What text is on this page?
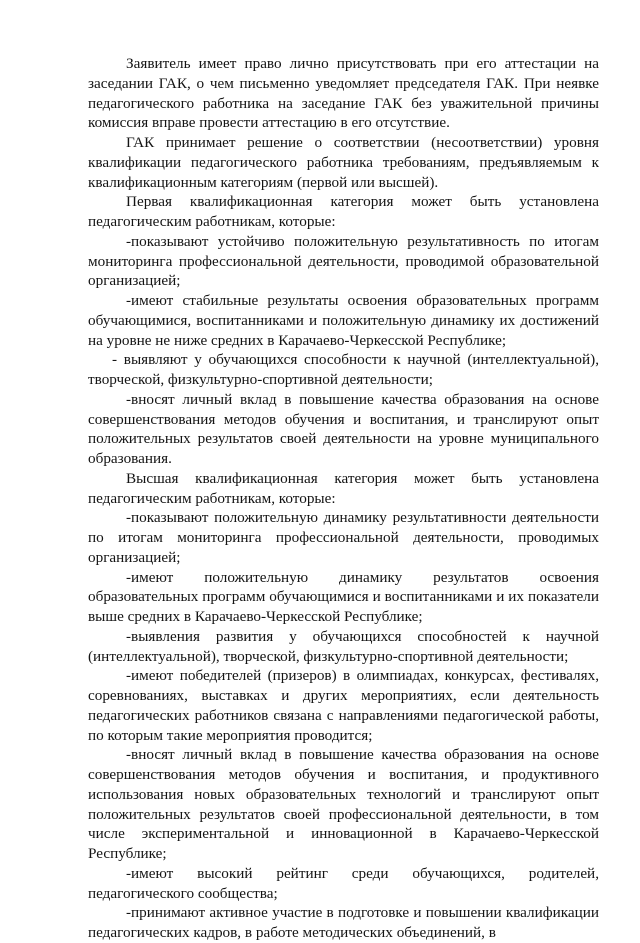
Заявитель имеет право лично присутствовать при его аттестации на заседании ГАК, о чем письменно уведомляет председателя ГАК. При неявке педагогического работника на заседание ГАК без уважительной причины комиссия вправе провести аттестацию в его отсутствие.

ГАК принимает решение о соответствии (несоответствии) уровня квалификации педагогического работника требованиям, предъявляемым к квалификационным категориям (первой или высшей).

Первая квалификационная категория может быть установлена педагогическим работникам, которые:

-показывают устойчиво положительную результативность по итогам мониторинга профессиональной деятельности, проводимой образовательной организацией;

-имеют стабильные результаты освоения образовательных программ обучающимися, воспитанниками и положительную динамику их достижений на уровне не ниже средних в Карачаево-Черкесской Республике;

- выявляют у обучающихся способности к научной (интеллектуальной), творческой, физкультурно-спортивной деятельности;

-вносят личный вклад в повышение качества образования на основе совершенствования методов обучения и воспитания, и транслируют опыт положительных результатов своей деятельности на уровне муниципального образования.

Высшая квалификационная категория может быть установлена педагогическим работникам, которые:

-показывают положительную динамику результативности деятельности по итогам мониторинга профессиональной деятельности, проводимых организацией;

-имеют положительную динамику результатов освоения образовательных программ обучающимися и воспитанниками и их показатели выше средних в Карачаево-Черкесской Республике;

-выявления развития у обучающихся способностей к научной (интеллектуальной), творческой, физкультурно-спортивной деятельности;

-имеют победителей (призеров) в олимпиадах, конкурсах, фестивалях, соревнованиях, выставках и других мероприятиях, если деятельность педагогических работников связана с направлениями педагогической работы, по которым такие мероприятия проводится;

-вносят личный вклад в повышение качества образования на основе совершенствования методов обучения и воспитания, и продуктивного использования новых образовательных технологий и транслируют опыт положительных результатов своей профессиональной деятельности, в том числе экспериментальной и инновационной в Карачаево-Черкесской Республике;

-имеют высокий рейтинг среди обучающихся, родителей, педагогического сообщества;

-принимают активное участие в подготовке и повышении квалификации педагогических кадров, в работе методических объединений, в
